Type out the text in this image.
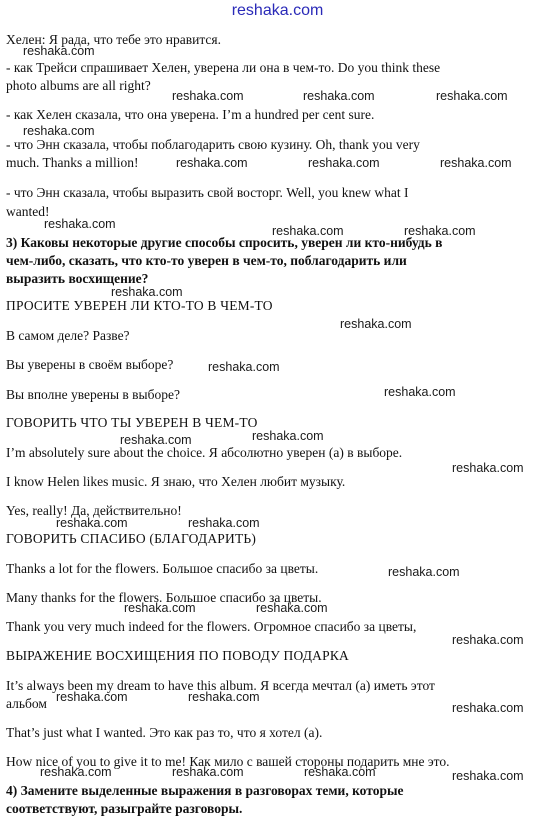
reshaka.com
Хелен: Я рада, что тебе это нравится.
- как Трейси спрашивает Хелен, уверена ли она в чем-то. Do you think these
photo albums are all right?
- как Хелен сказала, что она уверена. I’m a hundred per cent sure.
- что Энн сказала, чтобы поблагодарить свою кузину. Oh, thank you very
much. Thanks a million!
- что Энн сказала, чтобы выразить свой восторг. Well, you knew what I
wanted!
3) Каковы некоторые другие способы спросить, уверен ли кто-нибудь в
чем-либо, сказать, что кто-то уверен в чем-то, поблагодарить или
выразить восхищение?
ПРОСИТЕ УВЕРЕН ЛИ КТО-ТО В ЧЕМ-ТО
В самом деле? Разве?
Вы уверены в своём выборе?
Вы вполне уверены в выборе?
ГОВОРИТЬ ЧТО ТЫ УВЕРЕН В ЧЕМ-ТО
I’m absolutely sure about the choice. Я абсолютно уверен (а) в выборе.
I know Helen likes music. Я знаю, что Хелен любит музыку.
Yes, really! Да, действительно!
ГОВОРИТЬ СПАСИБО (БЛАГОДАРИТЬ)
Thanks a lot for the flowers. Большое спасибо за цветы.
Many thanks for the flowers. Большое спасибо за цветы.
Thank you very much indeed for the flowers. Огромное спасибо за цветы,
ВЫРАЖЕНИЕ ВОСХИЩЕНИЯ ПО ПОВОДУ ПОДАРКА
It’s always been my dream to have this album. Я всегда мечтал (а) иметь этот
альбом
That’s just what I wanted. Это как раз то, что я хотел (а).
How nice of you to give it to me! Как мило с вашей стороны подарить мне это.
4) Замените выделенные выражения в разговорах теми, которые
соответствуют, разыграйте разговоры.
reshaka.com
reshaka.com	reshaka.com	reshaka.com
reshaka.com
reshaka.com	reshaka.com	reshaka.com
reshaka.com	reshaka.com	reshaka.com
reshaka.com
reshaka.com
reshaka.com
reshaka.com
reshaka.com
reshaka.com
reshaka.com
reshaka.com	reshaka.com
reshaka.com
reshaka.com	reshaka.com
reshaka.com
reshaka.com	reshaka.com
reshaka.com
reshaka.com	reshaka.com	reshaka.com	reshaka.com
